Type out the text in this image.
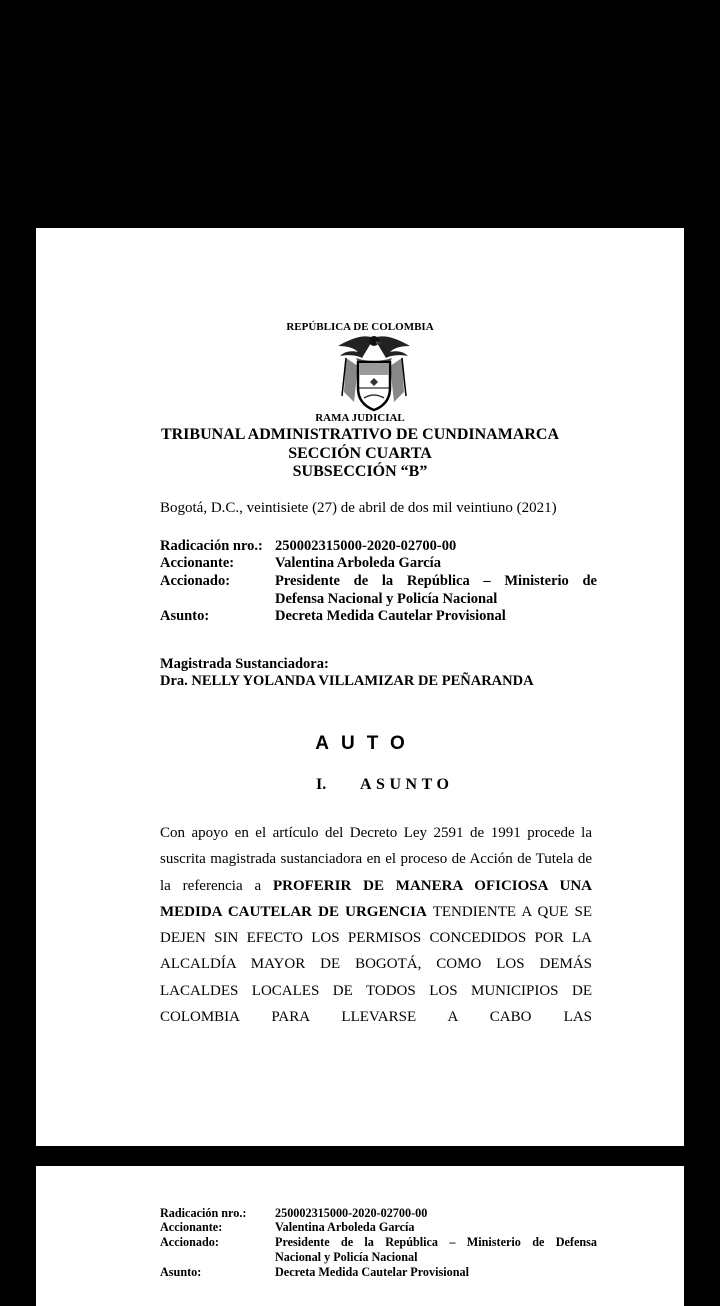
REPÚBLICA DE COLOMBIA
RAMA JUDICIAL
TRIBUNAL ADMINISTRATIVO DE CUNDINAMARCA
SECCIÓN CUARTA
SUBSECCIÓN “B”
Bogotá, D.C., veintisiete (27) de abril de dos mil veintiuno (2021)
Radicación nro.: 250002315000-2020-02700-00
Accionante:	Valentina Arboleda García
Accionado:	Presidente de la República – Ministerio de
Defensa Nacional y Policía Nacional
Asunto:	Decreta Medida Cautelar Provisional
Magistrada Sustanciadora:
Dra. NELLY YOLANDA VILLAMIZAR DE PEÑARANDA
AUTO
I. ASUNTO
Con apoyo en el artículo del Decreto Ley 2591 de 1991 procede la
suscrita magistrada sustanciadora en el proceso de Acción de Tutela de
la referencia a PROFERIR DE MANERA OFICIOSA UNA
MEDIDA CAUTELAR DE URGENCIA TENDIENTE A QUE SE
DEJEN SIN EFECTO LOS PERMISOS CONCEDIDOS POR LA
ALCALDÍA MAYOR DE BOGOTÁ, COMO LOS DEMÁS
LACALDES LOCALES DE TODOS LOS MUNICIPIOS DE
COLOMBIA PARA LLEVARSE A CABO LAS
Radicación nro.: 250002315000-2020-02700-00
Accionante:	Valentina Arboleda García
Accionado:	Presidente de la República – Ministerio de Defensa
Nacional y Policía Nacional
Asunto:	Decreta Medida Cautelar Provisional
